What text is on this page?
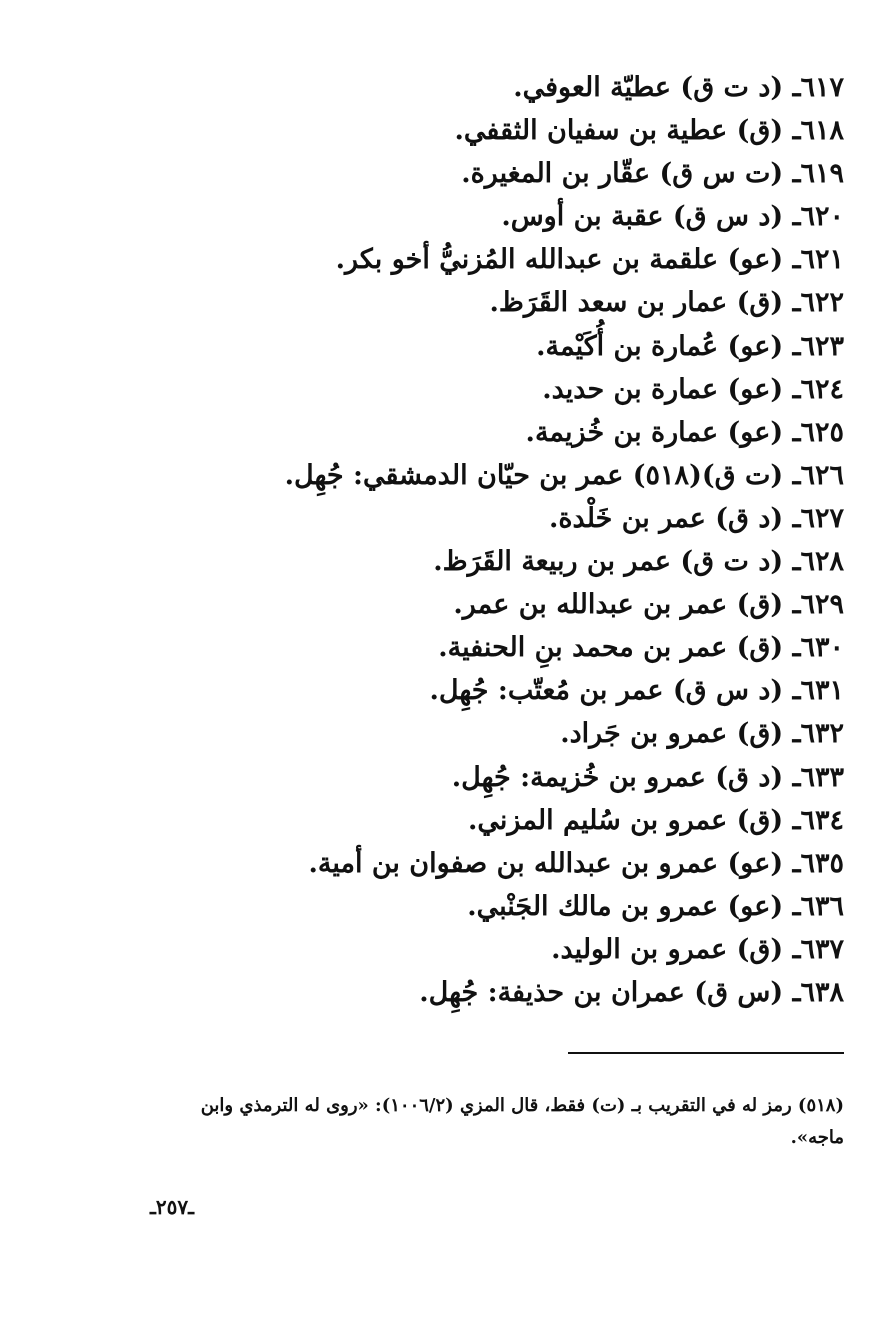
٦١٧ـ (د ت ق) عطيّة العوفي.
٦١٨ـ (ق) عطية بن سفيان الثقفي.
٦١٩ـ (ت س ق) عقّار بن المغيرة.
٦٢٠ـ (د س ق) عقبة بن أوس.
٦٢١ـ (عو) علقمة بن عبدالله المُزنيُّ أخو بكر.
٦٢٢ـ (ق) عمار بن سعد القَرَظ.
٦٢٣ـ (عو) عُمارة بن أُكَيْمة.
٦٢٤ـ (عو) عمارة بن حديد.
٦٢٥ـ (عو) عمارة بن خُزيمة.
٦٢٦ـ (ت ق)(٥١٨) عمر بن حيّان الدمشقي: جُهِل.
٦٢٧ـ (د ق) عمر بن خَلْدة.
٦٢٨ـ (د ت ق) عمر بن ربيعة القَرَظ.
٦٢٩ـ (ق) عمر بن عبدالله بن عمر.
٦٣٠ـ (ق) عمر بن محمد بنِ الحنفية.
٦٣١ـ (د س ق) عمر بن مُعتّب: جُهِل.
٦٣٢ـ (ق) عمرو بن جَراد.
٦٣٣ـ (د ق) عمرو بن خُزيمة: جُهِل.
٦٣٤ـ (ق) عمرو بن سُليم المزني.
٦٣٥ـ (عو) عمرو بن عبدالله بن صفوان بن أمية.
٦٣٦ـ (عو) عمرو بن مالك الجَنْبي.
٦٣٧ـ (ق) عمرو بن الوليد.
٦٣٨ـ (س ق) عمران بن حذيفة: جُهِل.
(٥١٨) رمز له في التقريب بـ (ت) فقط، قال المزي (١٠٠٦/٢): «روى له الترمذي وابن ماجه».
ـ٢٥٧ـ
